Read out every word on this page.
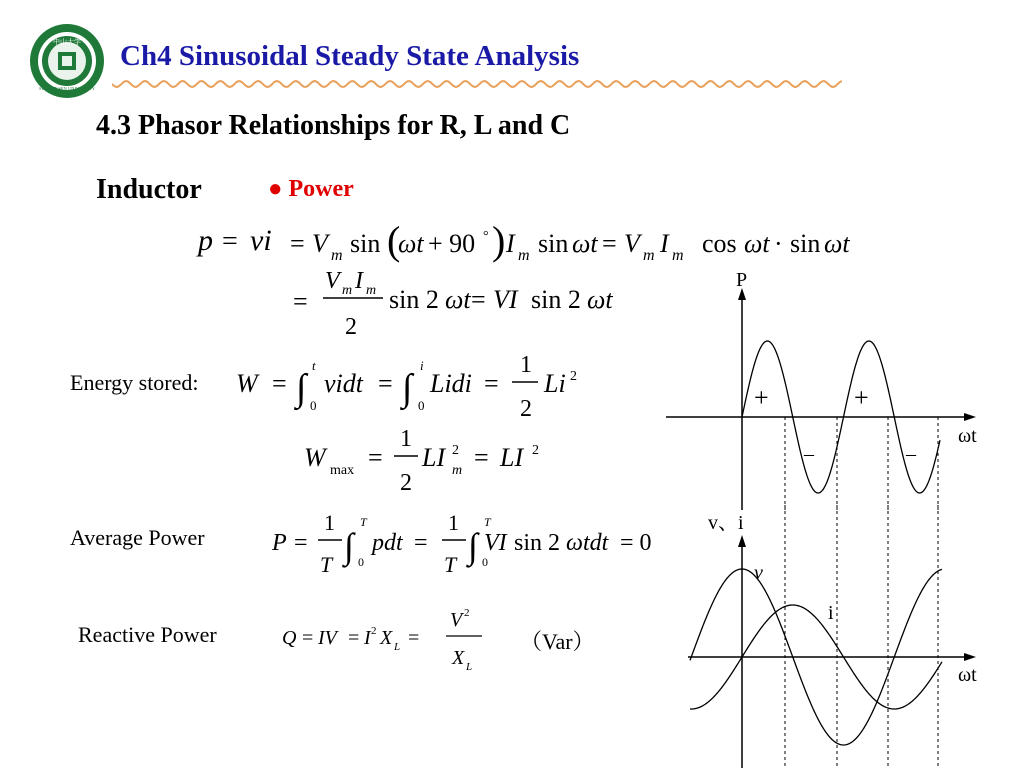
中山大学
SUN YAT-SEN UNIVERSITY
Ch4 Sinusoidal Steady State Analysis
4.3 Phasor Relationships for R, L and C
Inductor	● Power
p = vi = V m sin (
ωt + 90 ° ) I m sin ωt = V m I m cos ωt · sin ωt
=
V m I m
2
sin 2 ωt = VI sin 2 ωt
Energy stored: W = ∫
t
0
vidt = ∫
i
0
Lidi =
1
2
Li 2
W max =
1
2
LI 2
m = LI 2
Average Power	P =
1
T ∫
T
0
pdt =
1
T ∫
T
0
VI sin 2 ωtdt = 0
Reactive Power	Q = IV = I 2 X L =
V 2
X L
（Var）
P
ωt
+	+
–	–
v、i
v
i
ωt
